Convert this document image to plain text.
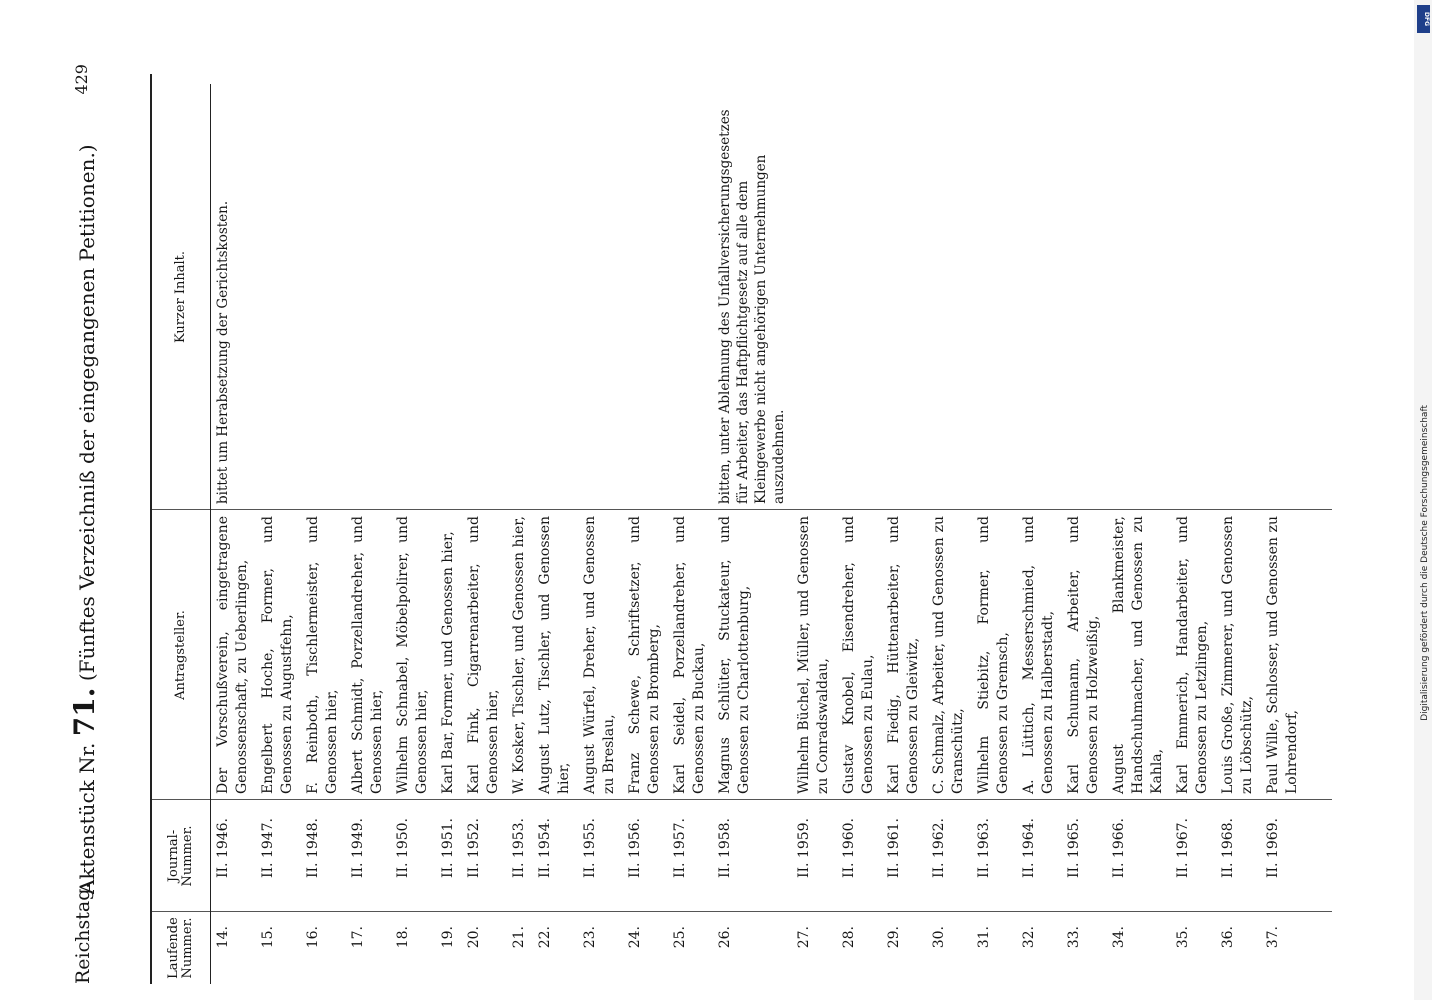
DFG
Digitalisierung gefördert durch die Deutsche Forschungsgemeinschaft
Reichstag.
Aktenstück Nr. 71. (Fünftes Verzeichniß der eingegangenen Petitionen.)
429
Laufende Nummer.	Journal-Nummer.	Antragsteller.	Kurzer Inhalt.
14.	II. 1946.	Der Vorschußverein, eingetragene Genossenschaft, zu Ueberlingen,	bittet um Herabsetzung der Gerichtskosten.
15.	II. 1947.	Engelbert Hoche, Former, und Genossen zu Augustfehn,	
16.	II. 1948.	F. Reinboth, Tischlermeister, und Genossen hier,	
17.	II. 1949.	Albert Schmidt, Porzellandreher, und Genossen hier,	
18.	II. 1950.	Wilhelm Schnabel, Möbelpolirer, und Genossen hier,	
19.	II. 1951.	Karl Bar, Former, und Genossen hier,	
20.	II. 1952.	Karl Fink, Cigarrenarbeiter, und Genossen hier,	
21.	II. 1953.	W. Kosker, Tischler, und Genossen hier,	
22.	II. 1954.	August Lutz, Tischler, und Genossen hier,	
23.	II. 1955.	August Würfel, Dreher, und Genossen zu Breslau,	
24.	II. 1956.	Franz Schewe, Schriftsetzer, und Genossen zu Bromberg,	
25.	II. 1957.	Karl Seidel, Porzellandreher, und Genossen zu Buckau,	
26.	II. 1958.	Magnus Schlüter, Stuckateur, und Genossen zu Charlottenburg,	bitten, unter Ablehnung des Unfallversicherungsgesetzes für Arbeiter, das Haftpflichtgesetz auf alle dem Kleingewerbe nicht angehörigen Unternehmungen auszudehnen.
27.	II. 1959.	Wilhelm Büchel, Müller, und Genossen zu Conradswaldau,	
28.	II. 1960.	Gustav Knobel, Eisendreher, und Genossen zu Eulau,	
29.	II. 1961.	Karl Fiedig, Hüttenarbeiter, und Genossen zu Gleiwitz,	
30.	II. 1962.	C. Schmalz, Arbeiter, und Genossen zu Granschütz,	
31.	II. 1963.	Wilhelm Stiebitz, Former, und Genossen zu Gremsch,	
32.	II. 1964.	A. Lüttich, Messerschmied, und Genossen zu Halberstadt,	
33.	II. 1965.	Karl Schumann, Arbeiter, und Genossen zu Holzweißig,	
34.	II. 1966.	August Blankmeister, Handschuhmacher, und Genossen zu Kahla,	
35.	II. 1967.	Karl Emmerich, Handarbeiter, und Genossen zu Letzlingen,	
36.	II. 1968.	Louis Große, Zimmerer, und Genossen zu Löbschütz,	
37.	II. 1969.	Paul Wille, Schlosser, und Genossen zu Lohrendorf,	
